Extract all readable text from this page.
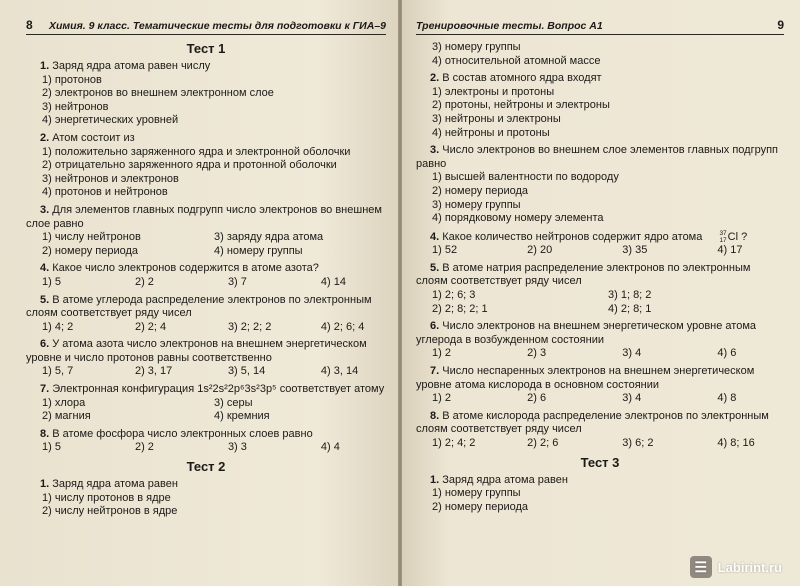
8 Химия. 9 класс. Тематические тесты для подготовки к ГИА–9
Тест 1
1. Заряд ядра атома равен числу
1) протонов
2) электронов во внешнем электронном слое
3) нейтронов
4) энергетических уровней
2. Атом состоит из
1) положительно заряженного ядра и электронной оболочки
2) отрицательно заряженного ядра и протонной оболочки
3) нейтронов и электронов
4) протонов и нейтронов
3. Для элементов главных подгрупп число электронов во внешнем слое равно
1) числу нейтронов	3) заряду ядра атома
2) номеру периода	4) номеру группы
4. Какое число электронов содержится в атоме азота?
1) 5	2) 2	3) 7	4) 14
5. В атоме углерода распределение электронов по электронным слоям соответствует ряду чисел
1) 4; 2	2) 2; 4	3) 2; 2; 2	4) 2; 6; 4
6. У атома азота число электронов на внешнем энергетическом уровне и число протонов равны соответственно
1) 5, 7	2) 3, 17	3) 5, 14	4) 3, 14
7. Электронная конфигурация 1s²2s²2p⁶3s²3p⁵ соответствует атому
1) хлора	3) серы
2) магния	4) кремния
8. В атоме фосфора число электронных слоев равно
1) 5	2) 2	3) 3	4) 4
Тест 2
1. Заряд ядра атома равен
1) числу протонов в ядре
2) числу нейтронов в ядре
Тренировочные тесты. Вопрос А1	9
3) номеру группы
4) относительной атомной массе
2. В состав атомного ядра входят
1) электроны и протоны
2) протоны, нейтроны и электроны
3) нейтроны и электроны
4) нейтроны и протоны
3. Число электронов во внешнем слое элементов главных подгрупп равно
1) высшей валентности по водороду
2) номеру периода
3) номеру группы
4) порядковому номеру элемента
4. Какое количество нейтронов содержит ядро атома	37
17 Cl ?
1) 52	2) 20	3) 35	4) 17
5. В атоме натрия распределение электронов по электронным слоям соответствует ряду чисел
1) 2; 6; 3	3) 1; 8; 2
2) 2; 8; 2; 1	4) 2; 8; 1
6. Число электронов на внешнем энергетическом уровне атома углерода в возбужденном состоянии
1) 2	2) 3	3) 4	4) 6
7. Число неспаренных электронов на внешнем энергетическом уровне атома кислорода в основном состоянии
1) 2	2) 6	3) 4	4) 8
8. В атоме кислорода распределение электронов по электронным слоям соответствует ряду чисел
1) 2; 4; 2	2) 2; 6	3) 6; 2	4) 8; 16
Тест 3
1. Заряд ядра атома равен
1) номеру группы
2) номеру периода
☰ Labirint.ru
